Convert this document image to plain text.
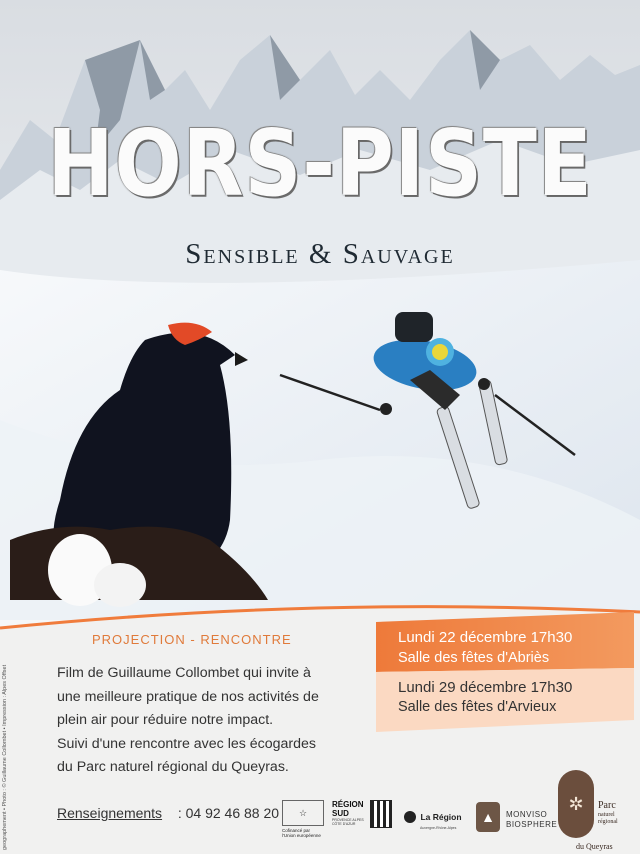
HORS-PISTE
Sensible & Sauvage
geographement • Photo : © Guillaume Collombet • Impression : Alpes Offset
PROJECTION - RENCONTRE

Film de Guillaume Collombet qui invite à

une meilleure pratique de nos activités de

plein air pour réduire notre impact.

Suivi d'une rencontre avec les écogardes

du Parc naturel régional du Queyras.

Lundi 22 décembre 17h30
Salle des fêtes d'Abriès
Lundi 29 décembre 17h30
Salle des fêtes d'Arvieux
Renseignements : 04 92 46 88 20	☆
Cofinancé par l'Union européenne
RÉGION
SUD
PROVENCE ALPES CÔTE D'AZUR
La Région
Auvergne-Rhône-Alpes
▲	MONVISO
BIOSPHERE
✲	Parc
naturel
régional
du Queyras
